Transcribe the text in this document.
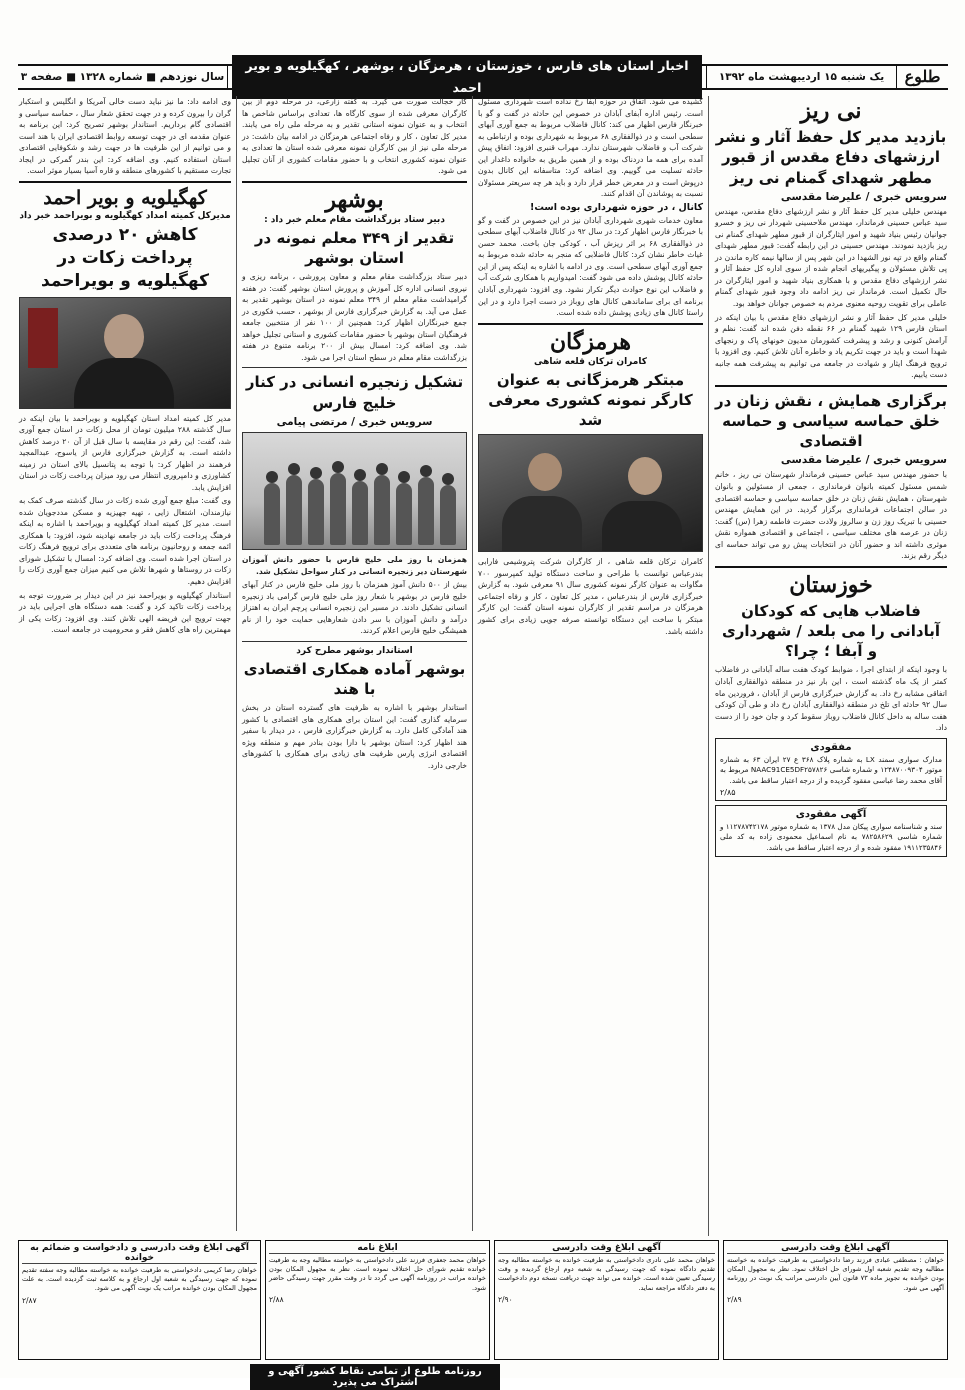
طلوع
یک شنبه ۱۵ اردیبهشت ماه ۱۳۹۲
اخبار استان های فارس ، خوزستان ، هرمزگان ، بوشهر ، کهگیلویه و بویر احمد
سال نوزدهم ■ شماره ۱۳۲۸ ■ صفحه ۳
نی ریز
بازدید مدیر کل حفظ آثار و نشر ارزشهای دفاع مقدس از قبور مطهر شهدای گمنام نی ریز
سرویس خبری / علیرضا مقدسی

مهندس خلیلی مدیر کل حفظ آثار و نشر ارزشهای دفاع مقدس، مهندس سید عباس حسینی فرماندار، مهندس ملاحسینی شهردار نی ریز و خسرو جوانیان رئیس بنیاد شهید و امور ایثارگران از قبور مطهر شهدای گمنام نی ریز بازدید نمودند. مهندس حسینی در این رابطه گفت: قبور مطهر شهدای گمنام واقع در تپه نور الشهدا در این شهر پس از سالها نیمه کاره ماندن در پی تلاش مسئولان و پیگیریهای انجام شده از سوی اداره کل حفظ آثار و نشر ارزشهای دفاع مقدس و با همکاری بنیاد شهید و امور ایثارگران در حال تکمیل است. فرماندار نی ریز ادامه داد وجود قبور شهدای گمنام عاملی برای تقویت روحیه معنوی مردم به خصوص جوانان خواهد بود.

خلیلی مدیر کل حفظ آثار و نشر ارزشهای دفاع مقدس با بیان اینکه در استان فارس ۱۲۹ شهید گمنام در ۶۶ نقطه دفن شده اند گفت: نظم و آرامش کنونی و رشد و پیشرفت کشورمان مدیون خونهای پاک و رنجهای شهدا است و باید در جهت تکریم یاد و خاطره آنان تلاش کنیم. وی افزود با ترویج فرهنگ ایثار و شهادت در جامعه می توانیم به پیشرفت همه جانبه دست یابیم.

برگزاری همایش ، نقش زنان در خلق حماسه سیاسی و حماسه اقتصادی
سرویس خبری / علیرضا مقدسی

با حضور مهندس سید عباس حسینی فرماندار شهرستان نی ریز ، خانم شمس مسئول کمیته بانوان فرمانداری ، جمعی از مسئولین و بانوان شهرستان ، همایش نقش زنان در خلق حماسه سیاسی و حماسه اقتصادی در سالن اجتماعات فرمانداری برگزار گردید. در این همایش مهندس حسینی با تبریک روز زن و سالروز ولادت حضرت فاطمه زهرا (س) گفت: زنان در عرصه های مختلف سیاسی ، اجتماعی و اقتصادی همواره نقش موثری داشته اند و حضور آنان در انتخابات پیش رو می تواند حماسه ای دیگر رقم بزند.

خوزستان
فاضلاب هایی که کودکان آبادانی را می بلعد / شهرداری و آبفا ؛ چرا؟

با وجود اینکه از ابتدای اجرا ، ضوابط کودک هفت ساله آبادانی در فاضلاب کمتر از یک ماه گذشته است ، این بار نیز در منطقه ذوالفقاری آبادان اتفاقی مشابه رخ داد. به گزارش خبرگزاری فارس از آبادان ، فروردین ماه سال ۹۲ حادثه ای تلخ در منطقه ذوالفقاری آبادان رخ داد و طی آن کودکی هفت ساله به داخل کانال فاضلاب روباز سقوط کرد و جان خود را از دست داد.

مفقودی
مدارک سواری سمند LX به شماره پلاک ۳۶۸ ع ۲۷ ایران ۶۳ به شماره موتور ۱۲۴۸۷۰۰۹۳۰۴ و شماره شاسی NAAC91CE5DF۲۵۷۸۲۶ مربوط به آقای محمد رضا عباسی مفقود گردیده و از درجه اعتبار ساقط می باشد.
۲/۸۵
آگهی مفقودی
سند و شناسنامه سواری پیکان مدل ۱۳۷۸ به شماره موتور ۱۱۲۷۸۷۴۲۱۷۸ و شماره شاسی ۷۸۲۵۸۶۲۹ به نام اسماعیل محمودی زاده به کد ملی ۱۹۱۱۲۳۵۸۴۶ مفقود شده و از درجه اعتبار ساقط می باشد.

کشیده می شود. اتفاق در حوزه آبفا رخ نداده است شهرداری مسئول است. رئیس اداره آبفای آبادان در خصوص این حادثه در گفت و گو با خبرنگار فارس اظهار می کند: کانال فاضلاب مربوط به جمع آوری آبهای سطحی است و در ذوالفقاری ۶۸ مربوط به شهرداری بوده و ارتباطی به شرکت آب و فاضلاب شهرستان ندارد. مهراب قنبری افزود: اتفاق پیش آمده برای همه ما دردناک بوده و از همین طریق به خانواده داغدار این حادثه تسلیت می گوییم. وی اضافه کرد: متاسفانه این کانال بدون درپوش است و در معرض خطر قرار دارد و باید هر چه سریعتر مسئولان نسبت به پوشاندن آن اقدام کنند.

کانال ، در حوزه شهرداری بوده است!

معاون خدمات شهری شهرداری آبادان نیز در این خصوص در گفت و گو با خبرنگار فارس اظهار کرد: در سال ۹۲ در کانال فاضلاب آبهای سطحی در ذوالفقاری ۶۸ بر اثر ریزش آب ، کودکی جان باخت. محمد حسن غیاث خاطر نشان کرد: کانال فاضلابی که منجر به حادثه شده مربوط به جمع آوری آبهای سطحی است. وی در ادامه با اشاره به اینکه پس از این حادثه کانال پوشش داده می شود گفت: امیدواریم با همکاری شرکت آب و فاضلاب این نوع حوادث دیگر تکرار نشود. وی افزود: شهرداری آبادان برنامه ای برای ساماندهی کانال های روباز در دست اجرا دارد و در این راستا کانال های زیادی پوشش داده شده است.

هرمزگان
کامران ترکان قلعه شاهی
مبتکر هرمزگانی به عنوان کارگر نمونه کشوری معرفی شد

کامران ترکان قلعه شاهی ، از کارگران شرکت پتروشیمی فارابی بندرعباس توانست با طراحی و ساخت دستگاه تولید کمپرسور ۷۰۰ مگاوات به عنوان کارگر نمونه کشوری سال ۹۱ معرفی شود. به گزارش خبرگزاری فارس از بندرعباس ، مدیر کل تعاون ، کار و رفاه اجتماعی هرمزگان در مراسم تقدیر از کارگران نمونه استان گفت: این کارگر مبتکر با ساخت این دستگاه توانسته صرفه جویی زیادی برای کشور داشته باشد.

کار خجالت صورت می گیرد. به گفته زارعی، در مرحله دوم از بین کارگران معرفی شده از سوی کارگاه ها، تعدادی براساس شاخص ها انتخاب و به عنوان نمونه استانی تقدیر و به مرحله ملی راه می یابند. مدیر کل تعاون ، کار و رفاه اجتماعی هرمزگان در ادامه بیان داشت: در مرحله ملی نیز از بین کارگران نمونه معرفی شده استان ها تعدادی به عنوان نمونه کشوری انتخاب و با حضور مقامات کشوری از آنان تجلیل می شود.

بوشهر
دبیر ستاد بزرگداشت مقام معلم خبر داد :
تقدیر از ۳۴۹ معلم نمونه در استان بوشهر

دبیر ستاد بزرگداشت مقام معلم و معاون پرورشی ، برنامه ریزی و نیروی انسانی اداره کل آموزش و پرورش استان بوشهر گفت: در هفته گرامیداشت مقام معلم از ۳۴۹ معلم نمونه در استان بوشهر تقدیر به عمل می آید. به گزارش خبرگزاری فارس از بوشهر ، حسب فکوری در جمع خبرنگاران اظهار کرد: همچنین از ۱۰۰ نفر از منتخبین جامعه فرهنگیان استان بوشهر با حضور مقامات کشوری و استانی تجلیل خواهد شد. وی اضافه کرد: امسال بیش از ۲۰۰ برنامه متنوع در هفته بزرگداشت مقام معلم در سطح استان اجرا می شود.

تشکیل زنجیره انسانی در کنار خلیج فارس
سرویس خبری / مرتضی پیامی

همزمان با روز ملی خلیج فارس با حضور دانش آموزان شهرستان دیر زنجیره انسانی در کنار سواحل تشکیل شد.

بیش از ۵۰۰ دانش آموز همزمان با روز ملی خلیج فارس در کنار آبهای خلیج فارس در بوشهر با شعار روز ملی خلیج فارس گرامی باد زنجیره انسانی تشکیل دادند. در مسیر این زنجیره انسانی پرچم ایران به اهتزاز درآمد و دانش آموزان با سر دادن شعارهایی حمایت خود را از نام همیشگی خلیج فارس اعلام کردند.

استاندار بوشهر مطرح کرد
بوشهر آماده همکاری اقتصادی با هند

استاندار بوشهر با اشاره به ظرفیت های گسترده استان در بخش سرمایه گذاری گفت: این استان برای همکاری های اقتصادی با کشور هند آمادگی کامل دارد. به گزارش خبرگزاری فارس ، در دیدار با سفیر هند اظهار کرد: استان بوشهر با دارا بودن بنادر مهم و منطقه ویژه اقتصادی انرژی پارس ظرفیت های زیادی برای همکاری با کشورهای خارجی دارد.

وی ادامه داد: ما نیز نباید دست خالی آمریکا و انگلیس و استکبار گران را بیرون کرده و در جهت تحقق شعار سال ، حماسه سیاسی و اقتصادی گام برداریم. استاندار بوشهر تصریح کرد: این برنامه به عنوان مقدمه ای در جهت توسعه روابط اقتصادی ایران با هند است و می توانیم از این ظرفیت ها در جهت رشد و شکوفایی اقتصادی استان استفاده کنیم. وی اضافه کرد: این بندر گمرکی در ایجاد تجارت مستقیم با کشورهای منطقه و قاره آسیا بسیار موثر است.

کهگیلویه و بویر احمد
مدیرکل کمیته امداد کهگیلویه و بویراحمد خبر داد
کاهش ۲۰ درصدی پرداخت زکات در کهگیلویه و بویراحمد

مدیر کل کمیته امداد استان کهگیلویه و بویراحمد با بیان اینکه در سال گذشته ۲۸۸ میلیون تومان از محل زکات در استان جمع آوری شد، گفت: این رقم در مقایسه با سال قبل از آن ۲۰ درصد کاهش داشته است. به گزارش خبرگزاری فارس از یاسوج، عبدالمجید فرهمند در اظهار کرد: با توجه به پتانسیل بالای استان در زمینه کشاورزی و دامپروری انتظار می رود میزان پرداخت زکات در استان افزایش یابد.

وی گفت: مبلغ جمع آوری شده زکات در سال گذشته صرف کمک به نیازمندان، اشتغال زایی ، تهیه جهیزیه و مسکن مددجویان شده است. مدیر کل کمیته امداد کهگیلویه و بویراحمد با اشاره به اینکه فرهنگ پرداخت زکات باید در جامعه نهادینه شود، افزود: با همکاری ائمه جمعه و روحانیون برنامه های متعددی برای ترویج فرهنگ زکات در استان اجرا شده است. وی اضافه کرد: امسال با تشکیل شورای زکات در روستاها و شهرها تلاش می کنیم میزان جمع آوری زکات را افزایش دهیم.

استاندار کهگیلویه و بویراحمد نیز در این دیدار بر ضرورت توجه به پرداخت زکات تاکید کرد و گفت: همه دستگاه های اجرایی باید در جهت ترویج این فریضه الهی تلاش کنند. وی افزود: زکات یکی از مهمترین راه های کاهش فقر و محرومیت در جامعه است.

آگهی ابلاغ وقت دادرسی
خواهان : مصطفی عبادی فرزند رضا دادخواستی به طرفیت خوانده به خواسته مطالبه وجه تقدیم شعبه اول شورای حل اختلاف نمود. نظر به مجهول المکان بودن خوانده به تجویز ماده ۷۳ قانون آیین دادرسی مراتب یک نوبت در روزنامه آگهی می شود.
۲/۸۹
آگهی ابلاغ وقت دادرسی
خواهان محمد علی نادری دادخواستی به طرفیت خوانده به خواسته مطالبه وجه تقدیم دادگاه نموده که جهت رسیدگی به شعبه دوم ارجاع گردیده و وقت رسیدگی تعیین شده است. خوانده می تواند جهت دریافت نسخه دوم دادخواست به دفتر دادگاه مراجعه نماید.
۲/۹۰
ابلاغ نامه
خواهان محمد جعفری فرزند علی دادخواستی به خواسته مطالبه وجه به طرفیت خوانده تقدیم شورای حل اختلاف نموده است. نظر به مجهول المکان بودن خوانده مراتب در روزنامه آگهی می گردد تا در وقت مقرر جهت رسیدگی حاضر شود.
۲/۸۸
آگهی ابلاغ وقت دادرسی و دادخواست و ضمائم به خوانده
خواهان رضا کریمی دادخواستی به طرفیت خوانده به خواسته مطالبه وجه سفته تقدیم نموده که جهت رسیدگی به شعبه اول ارجاع و به کلاسه ثبت گردیده است. به علت مجهول المکان بودن خوانده مراتب یک نوبت آگهی می شود.
۲/۸۷
روزنامه طلوع از تمامی نقاط کشور آگهی و اشتراک می پذیرد
